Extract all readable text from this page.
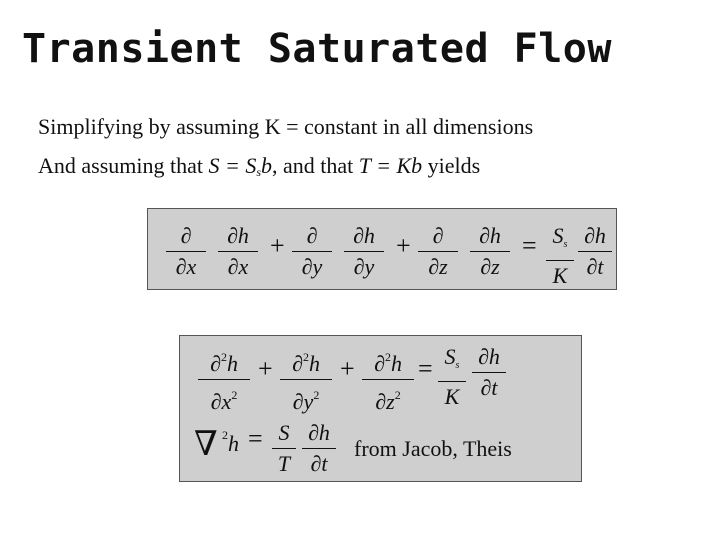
Transient Saturated Flow
Simplifying by assuming K = constant in all dimensions
And assuming that $S = S_sb$, and that T = Kb yields
∂
∂x
􀀧
􀀧
􀀧
∂h
∂x
􀀧
􀀧
􀀧
+ ∂
∂y
􀀧
􀀧
􀀧
∂h
∂y
􀀧
􀀧
􀀧
+ ∂
∂z
􀀧
􀀧
􀀧
∂h
∂z
􀀧
􀀧
􀀧
= $S_s$
K
∂h
∂t
∂$^2$h
$\partial x^2$
+ ∂$^2$h
$\partial y^2$
+ ∂$^2$h
$\partial z^2$
= $S_s$
K
∂h
∂t
∇ $^2$h = S
T
∂h
∂t
from Jacob, Theis
